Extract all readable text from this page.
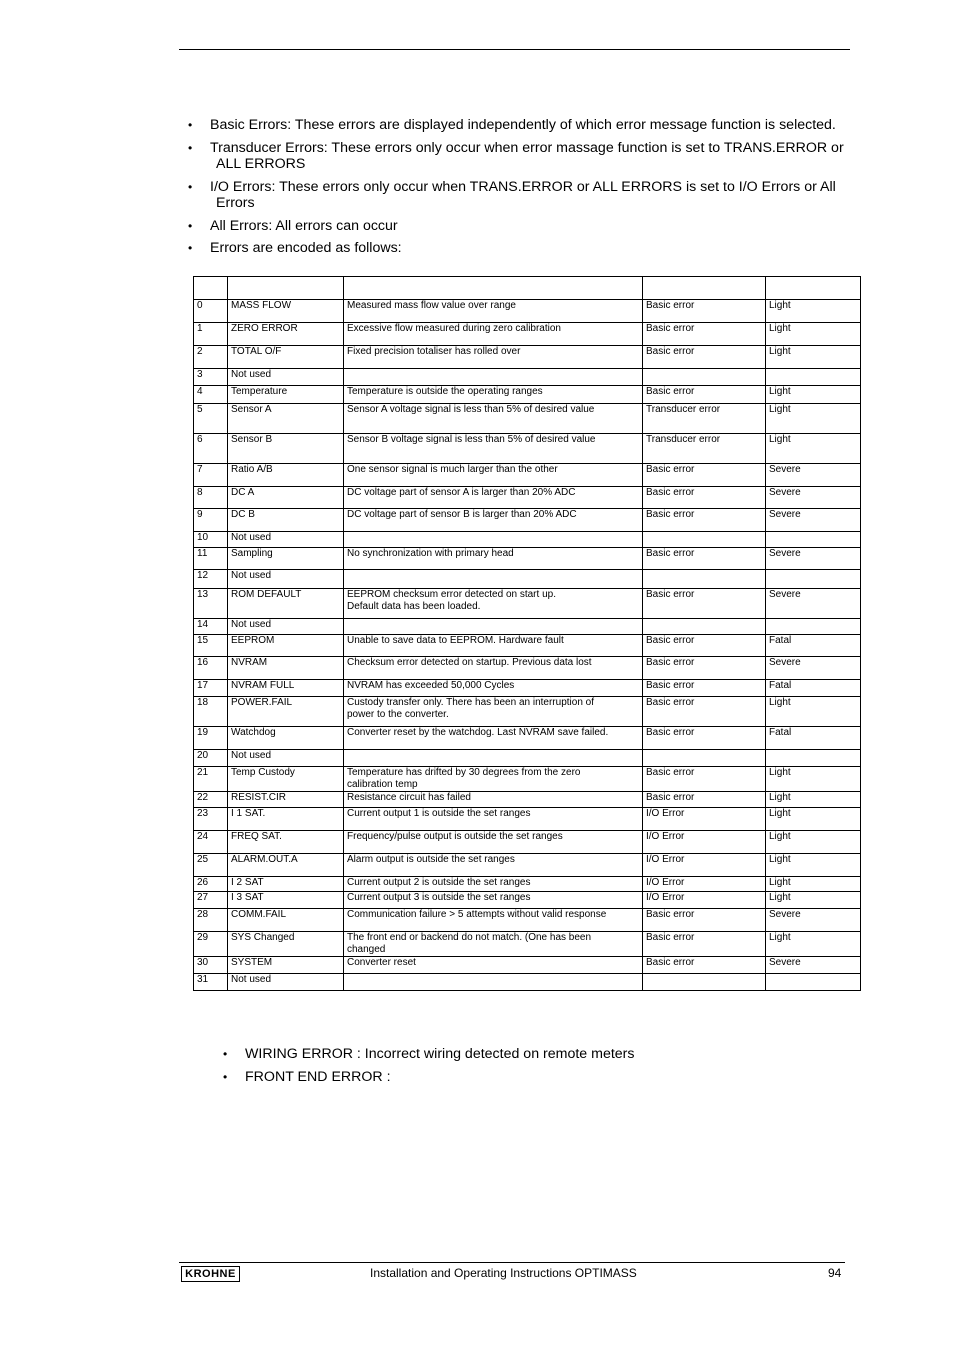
• Basic Errors: These errors are displayed independently of which error message function is selected.
• Transducer Errors: These errors only occur when error massage function is set to TRANS.ERROR or
ALL ERRORS
• I/O Errors: These errors only occur when TRANS.ERROR or ALL ERRORS is set to I/O Errors or All
Errors
• All Errors: All errors can occur
• Errors are encoded as follows:

0	MASS FLOW	Measured mass flow value over range	Basic error	Light
1	ZERO ERROR	Excessive flow measured during zero calibration	Basic error	Light
2	TOTAL O/F	Fixed precision totaliser has rolled over	Basic error	Light
3	Not used			
4	Temperature	Temperature is outside the operating ranges	Basic error	Light
5	Sensor A	Sensor A voltage signal is less than 5% of desired value	Transducer error	Light
6	Sensor B	Sensor B voltage signal is less than 5% of desired value	Transducer error	Light
7	Ratio A/B	One sensor signal is much larger than the other	Basic error	Severe
8	DC A	DC voltage part of sensor A is larger than 20% ADC	Basic error	Severe
9	DC B	DC voltage part of sensor B is larger than 20% ADC	Basic error	Severe
10	Not used			
11	Sampling	No synchronization with primary head	Basic error	Severe
12	Not used			
13	ROM DEFAULT	EEPROM checksum error detected on start up.
Default data has been loaded.	Basic error	Severe
14	Not used			
15	EEPROM	Unable to save data to EEPROM. Hardware fault	Basic error	Fatal
16	NVRAM	Checksum error detected on startup. Previous data lost	Basic error	Severe
17	NVRAM FULL	NVRAM has exceeded 50,000 Cycles	Basic error	Fatal
18	POWER.FAIL	Custody transfer only. There has been an interruption of
power to the converter.	Basic error	Light
19	Watchdog	Converter reset by the watchdog. Last NVRAM save failed.	Basic error	Fatal
20	Not used			
21	Temp Custody	Temperature has drifted by 30 degrees from the zero
calibration temp	Basic error	Light
22	RESIST.CIR	Resistance circuit has failed	Basic error	Light
23	I 1 SAT.	Current output 1 is outside the set ranges	I/O Error	Light
24	FREQ SAT.	Frequency/pulse output is outside the set ranges	I/O Error	Light
25	ALARM.OUT.A	Alarm output is outside the set ranges	I/O Error	Light
26	I 2 SAT	Current output 2 is outside the set ranges	I/O Error	Light
27	I 3 SAT	Current output 3 is outside the set ranges	I/O Error	Light
28	COMM.FAIL	Communication failure > 5 attempts without valid response	Basic error	Severe
29	SYS Changed	The front end or backend do not match. (One has been
changed	Basic error	Light
30	SYSTEM	Converter reset	Basic error	Severe
31	Not used			
• WIRING ERROR : Incorrect wiring detected on remote meters
• FRONT END ERROR :
KROHNE	Installation and Operating Instructions OPTIMASS	94
